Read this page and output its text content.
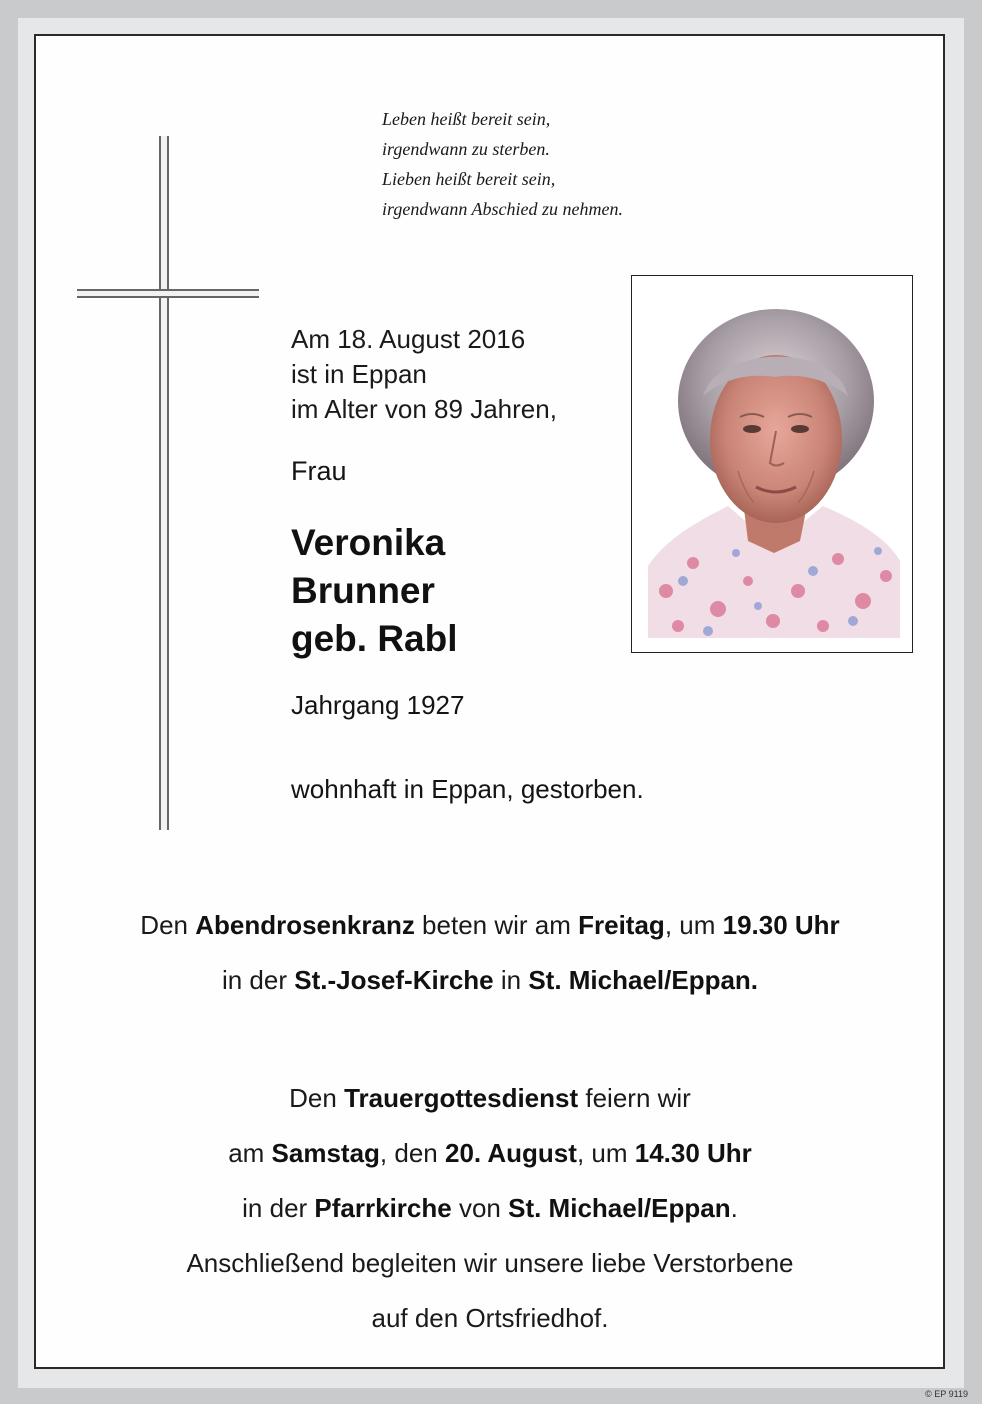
Leben heißt bereit sein,
irgendwann zu sterben.
Lieben heißt bereit sein,
irgendwann Abschied zu nehmen.
Am 18. August 2016
ist in Eppan
im Alter von 89 Jahren,
Frau
Veronika
Brunner
geb. Rabl
Jahrgang 1927
wohnhaft in Eppan, gestorben.
Den Abendrosenkranz beten wir am Freitag, um 19.30 Uhr
in der St.-Josef-Kirche in St. Michael/Eppan.
Den Trauergottesdienst feiern wir
am Samstag, den 20. August, um 14.30 Uhr
in der Pfarrkirche von St. Michael/Eppan.
Anschließend begleiten wir unsere liebe Verstorbene
auf den Ortsfriedhof.
© EP 9119
